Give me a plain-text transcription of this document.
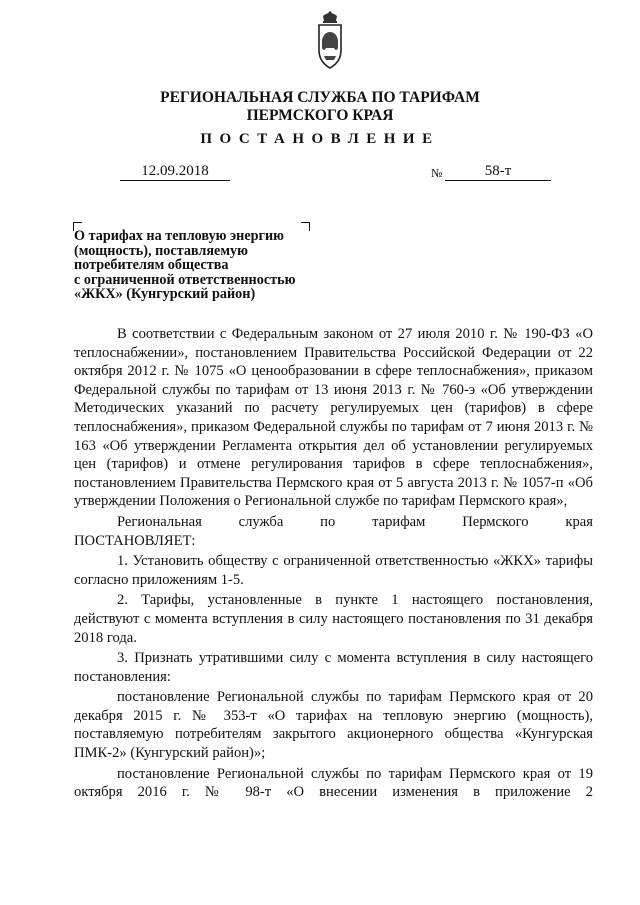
РЕГИОНАЛЬНАЯ СЛУЖБА ПО ТАРИФАМ
ПЕРМСКОГО КРАЯ
ПОСТАНОВЛЕНИЕ
12.09.2018	№	58-т
О тарифах на тепловую энергию
(мощность), поставляемую
потребителям общества
с ограниченной ответственностью
«ЖКХ» (Кунгурский район)

В соответствии с Федеральным законом от 27 июля 2010 г. № 190-ФЗ «О теплоснабжении», постановлением Правительства Российской Федерации от 22 октября 2012 г. № 1075 «О ценообразовании в сфере теплоснабжения», приказом Федеральной службы по тарифам от 13 июня 2013 г. № 760-э «Об утверждении Методических указаний по расчету регулируемых цен (тарифов) в сфере теплоснабжения», приказом Федеральной службы по тарифам от 7 июня 2013 г. № 163 «Об утверждении Регламента открытия дел об установлении регулируемых цен (тарифов) и отмене регулирования тарифов в сфере теплоснабжения», постановлением Правительства Пермского края от 5 августа 2013 г. № 1057-п «Об утверждении Положения о Региональной службе по тарифам Пермского края»,

Региональная служба по тарифам Пермского края

ПОСТАНОВЛЯЕТ:

1. Установить обществу с ограниченной ответственностью «ЖКХ» тарифы согласно приложениям 1-5.

2. Тарифы, установленные в пункте 1 настоящего постановления, действуют с момента вступления в силу настоящего постановления по 31 декабря 2018 года.

3. Признать утратившими силу с момента вступления в силу настоящего постановления:

постановление Региональной службы по тарифам Пермского края от 20 декабря 2015 г. № 353-т «О тарифах на тепловую энергию (мощность), поставляемую потребителям закрытого акционерного общества «Кунгурская ПМК-2» (Кунгурский район)»;

постановление Региональной службы по тарифам Пермского края от 19 октября 2016 г. № 98-т «О внесении изменения в приложение 2
